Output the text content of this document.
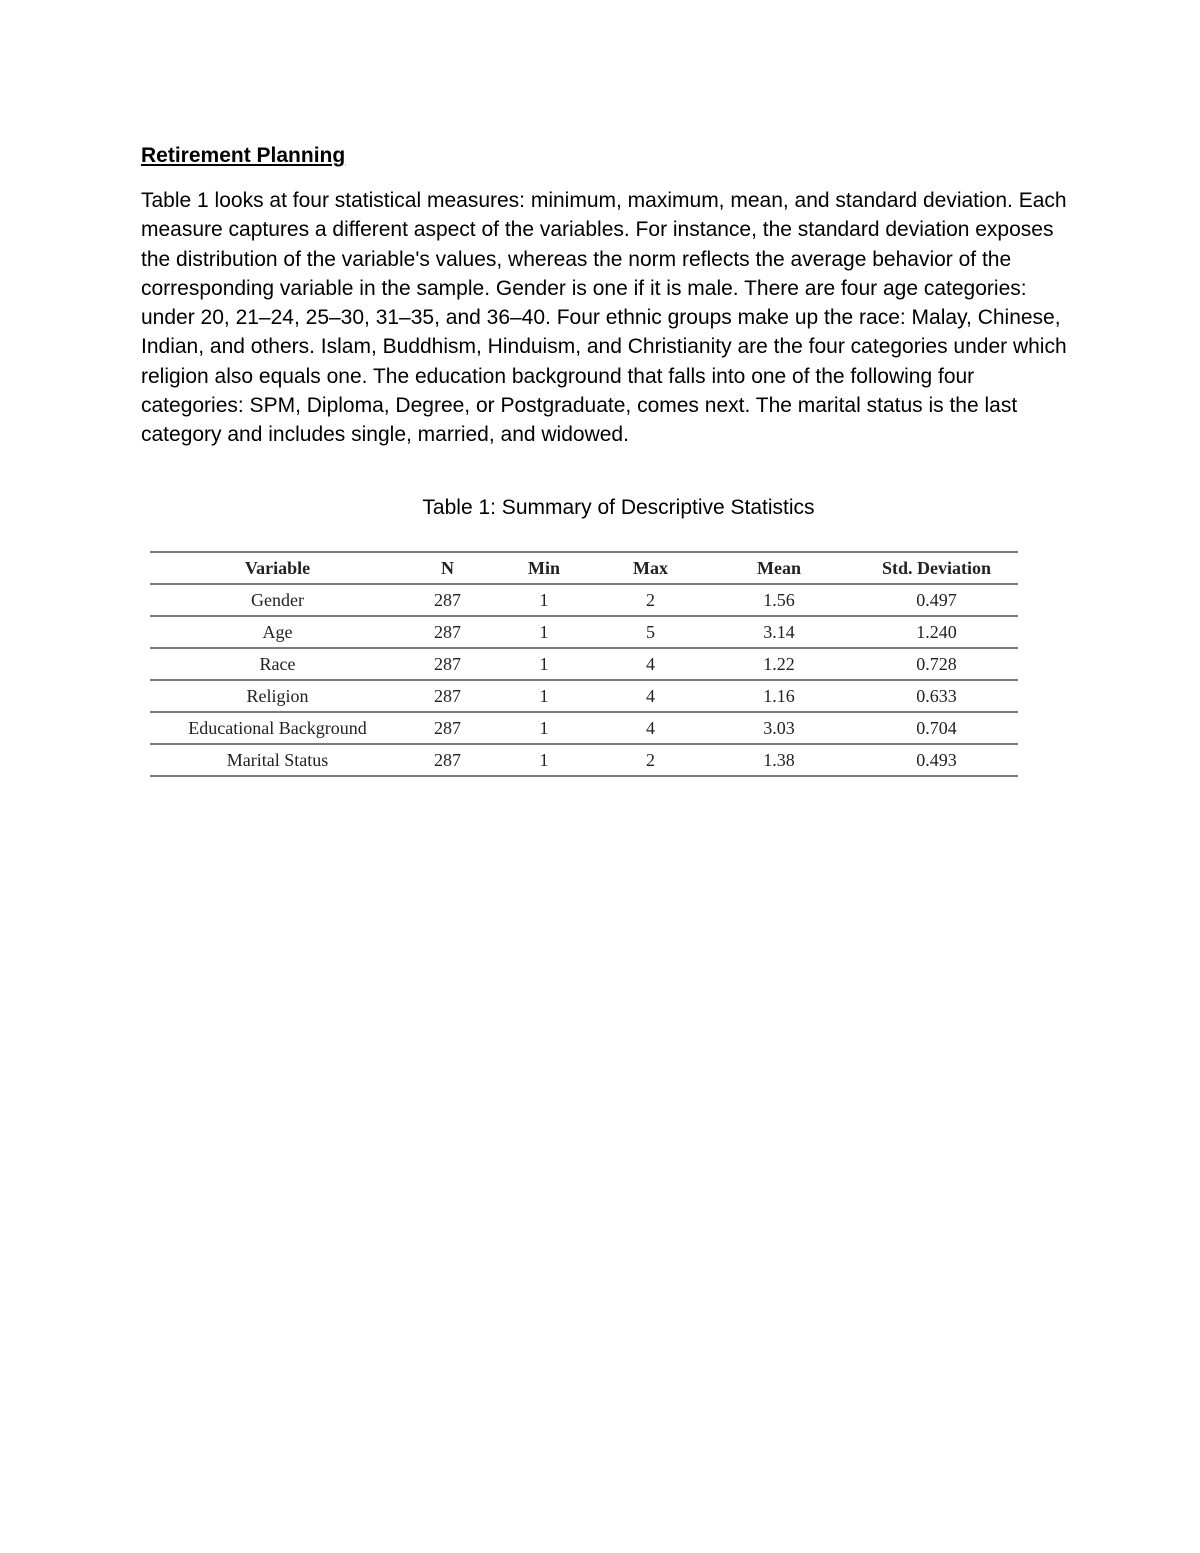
Retirement Planning

Table 1 looks at four statistical measures: minimum, maximum, mean, and standard deviation. Each measure captures a different aspect of the variables. For instance, the standard deviation exposes the distribution of the variable's values, whereas the norm reflects the average behavior of the corresponding variable in the sample. Gender is one if it is male. There are four age categories: under 20, 21–24, 25–30, 31–35, and 36–40. Four ethnic groups make up the race: Malay, Chinese, Indian, and others. Islam, Buddhism, Hinduism, and Christianity are the four categories under which religion also equals one. The education background that falls into one of the following four categories: SPM, Diploma, Degree, or Postgraduate, comes next. The marital status is the last category and includes single, married, and widowed.

Table 1: Summary of Descriptive Statistics
Variable	N	Min	Max	Mean	Std. Deviation
Gender	287	1	2	1.56	0.497
Age	287	1	5	3.14	1.240
Race	287	1	4	1.22	0.728
Religion	287	1	4	1.16	0.633
Educational Background	287	1	4	3.03	0.704
Marital Status	287	1	2	1.38	0.493
